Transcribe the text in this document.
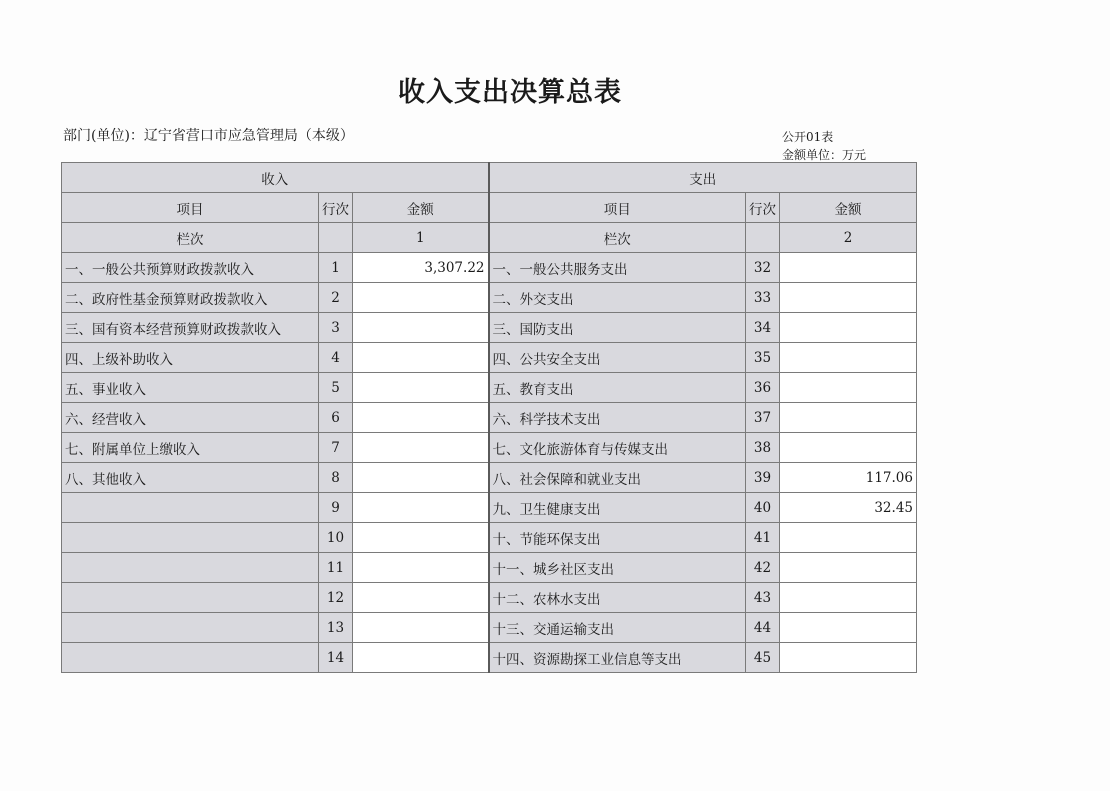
收入支出决算总表
部门(单位)：辽宁省营口市应急管理局（本级）	公开01表
金额单位：万元
收入			支出		
项目	行次	金额	项目	行次	金额
栏次		1	栏次		2
一、一般公共预算财政拨款收入	1	3,307.22	一、一般公共服务支出	32	
二、政府性基金预算财政拨款收入	2		二、外交支出	33	
三、国有资本经营预算财政拨款收入	3		三、国防支出	34	
四、上级补助收入	4		四、公共安全支出	35	
五、事业收入	5		五、教育支出	36	
六、经营收入	6		六、科学技术支出	37	
七、附属单位上缴收入	7		七、文化旅游体育与传媒支出	38	
八、其他收入	8		八、社会保障和就业支出	39	117.06
	9		九、卫生健康支出	40	32.45
	10		十、节能环保支出	41	
	11		十一、城乡社区支出	42	
	12		十二、农林水支出	43	
	13		十三、交通运输支出	44	
	14		十四、资源勘探工业信息等支出	45	
